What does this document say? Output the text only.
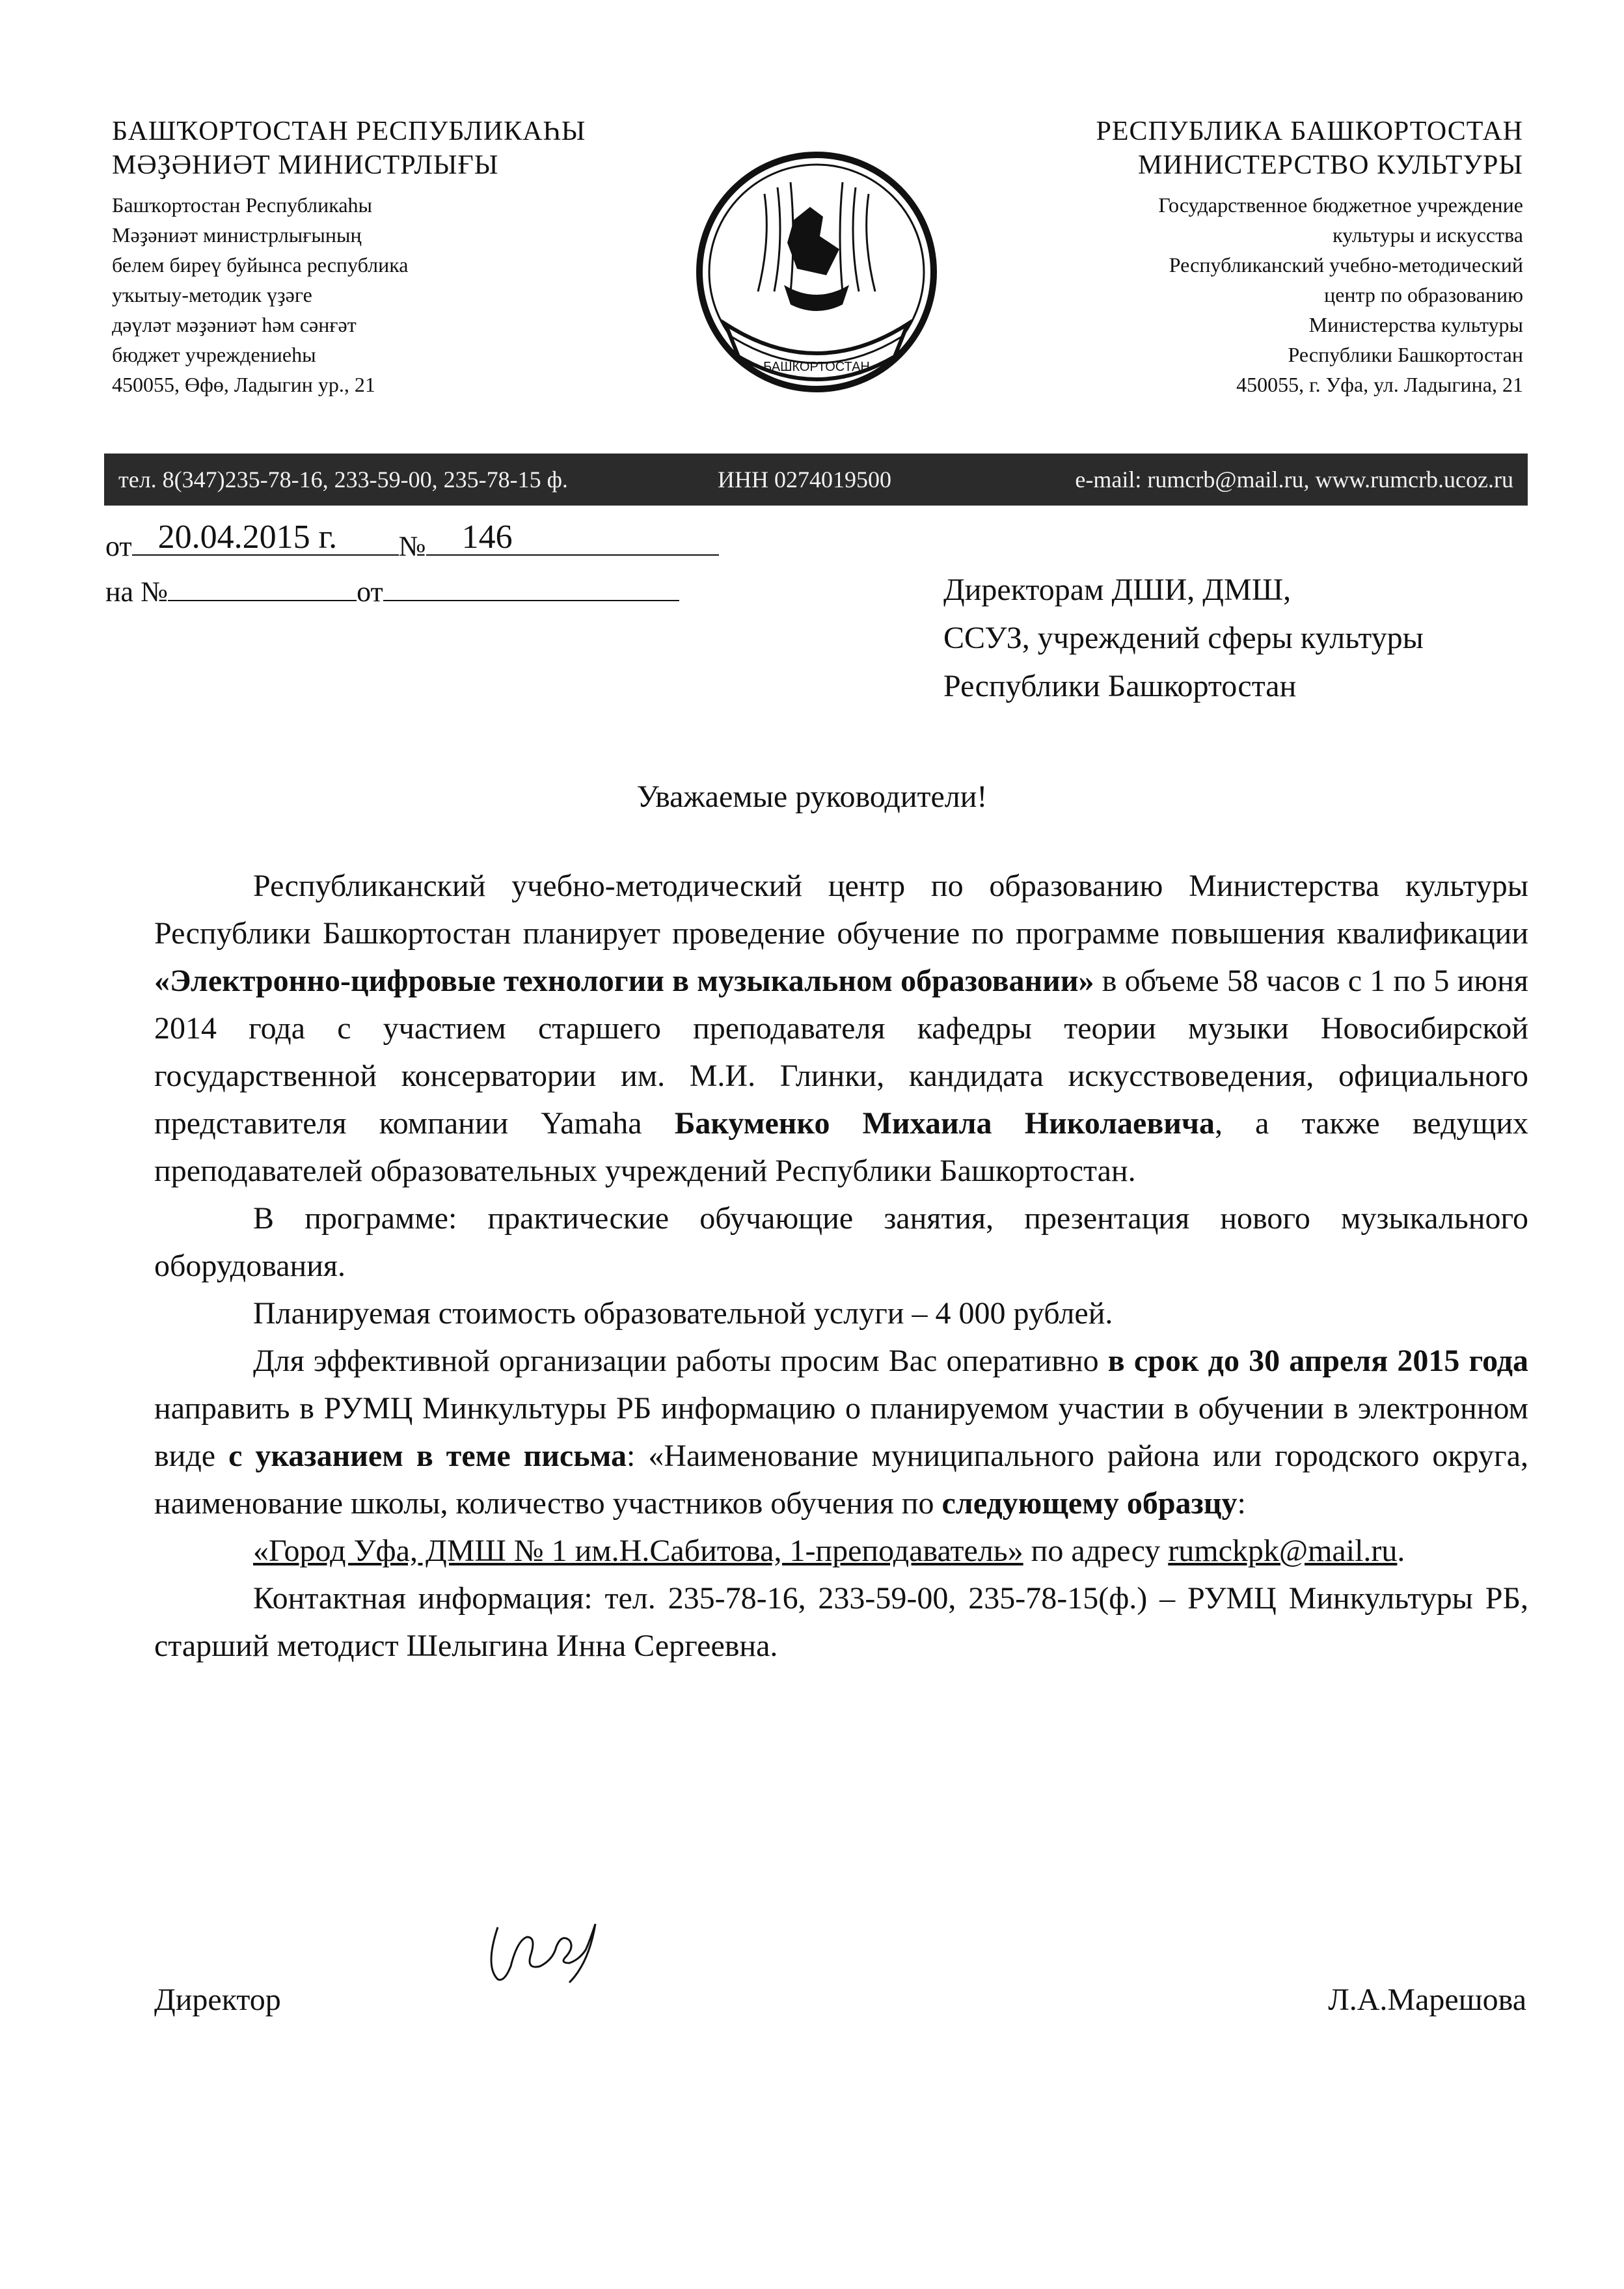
БАШҠОРТОСТАН РЕСПУБЛИКАҺЫ
МӘҘӘНИӘТ МИНИСТРЛЫҒЫ
Башҡортостан Республикаһы
Мәҙәниәт министрлығының
белем биреү буйынса республика
уҡытыу-методик үҙәге
дәүләт мәҙәниәт һәм сәнғәт
бюджет учреждениеһы
450055, Өфө, Ладыгин ур., 21
БАШКОРТОСТАН
РЕСПУБЛИКА БАШКОРТОСТАН
МИНИСТЕРСТВО КУЛЬТУРЫ
Государственное бюджетное учреждение
культуры и искусства
Республиканский учебно-методический
центр по образованию
Министерства культуры
Республики Башкортостан
450055, г. Уфа, ул. Ладыгина, 21
тел. 8(347)235-78-16, 233-59-00, 235-78-15 ф.	ИНН 0274019500	e-mail: rumcrb@mail.ru, www.rumcrb.ucoz.ru
от 20.04.2015 г. № 146
на №	от	Директорам ДШИ, ДМШ,
ССУЗ, учреждений сферы культуры
Республики Башкортостан
Уважаемые руководители!

Республиканский учебно-методический центр по образованию Министерства культуры Республики Башкортостан планирует проведение обучение по программе повышения квалификации «Электронно-цифровые технологии в музыкальном образовании» в объеме 58 часов с 1 по 5 июня 2014 года с участием старшего преподавателя кафедры теории музыки Новосибирской государственной консерватории им. М.И. Глинки, кандидата искусствоведения, официального представителя компании Yamaha Бакуменко Михаила Николаевича, а также ведущих преподавателей образовательных учреждений Республики Башкортостан.

В программе: практические обучающие занятия, презентация нового музыкального оборудования.

Планируемая стоимость образовательной услуги – 4 000 рублей.

Для эффективной организации работы просим Вас оперативно в срок до 30 апреля 2015 года направить в РУМЦ Минкультуры РБ информацию о планируемом участии в обучении в электронном виде с указанием в теме письма: «Наименование муниципального района или городского округа, наименование школы, количество участников обучения по следующему образцу:

«Город Уфа, ДМШ № 1 им.Н.Сабитова, 1-преподаватель» по адресу rumckpk@mail.ru.

Контактная информация: тел. 235-78-16, 233-59-00, 235-78-15(ф.) – РУМЦ Минкультуры РБ, старший методист Шелыгина Инна Сергеевна.

Директор	Л.А.Марешова
